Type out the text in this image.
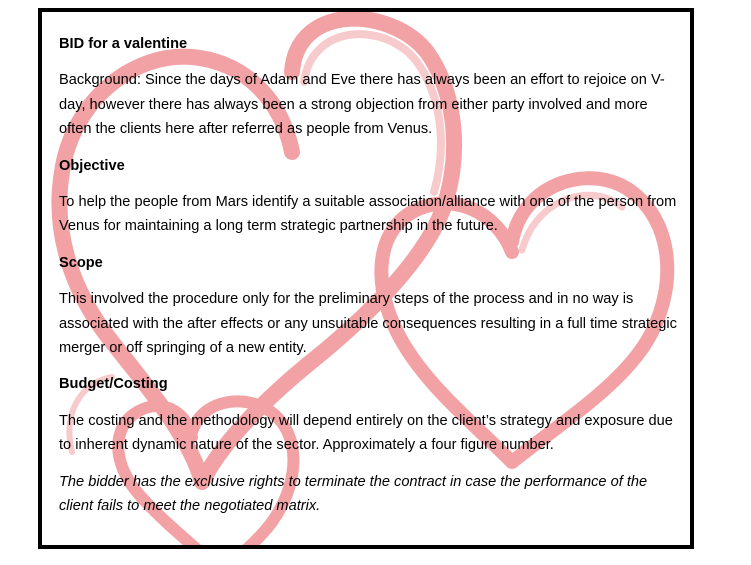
BID for a valentine

Background: Since the days of Adam and Eve there has always been an effort to rejoice on V-day, however there has always been a strong objection from either party involved and more often the clients here after referred as people from Venus.

Objective

To help the people from Mars identify a suitable association/alliance with one of the person from Venus for maintaining a long term strategic partnership in the future.

Scope

This involved the procedure only for the preliminary steps of the process and in no way is associated with the after effects or any unsuitable consequences resulting in a full time strategic merger or off springing of a new entity.

Budget/Costing

The costing and the methodology will depend entirely on the client’s strategy and exposure due to inherent dynamic nature of the sector. Approximately a four figure number.

The bidder has the exclusive rights to terminate the contract in case the performance of the client fails to meet the negotiated matrix.
